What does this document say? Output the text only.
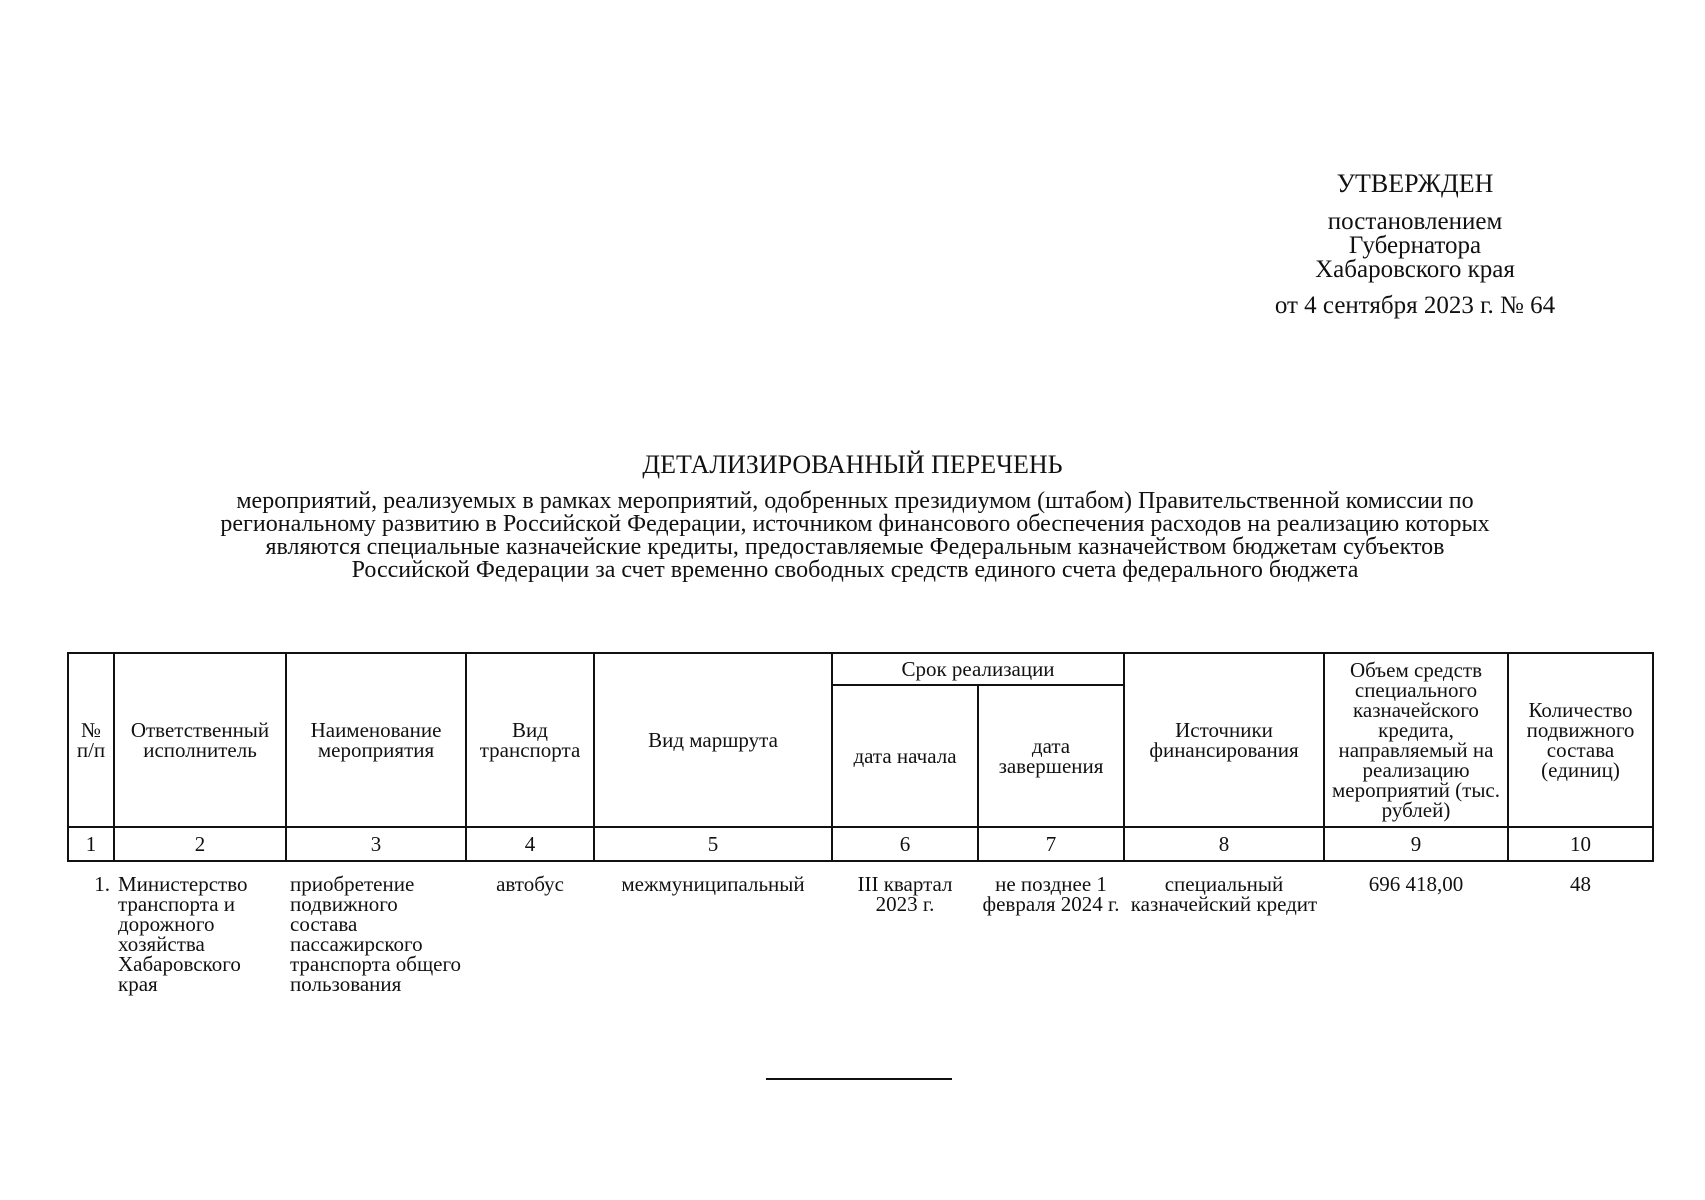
УТВЕРЖДЕН
постановлением
Губернатора
Хабаровского края
от 4 сентября 2023 г. № 64
ДЕТАЛИЗИРОВАННЫЙ ПЕРЕЧЕНЬ
мероприятий, реализуемых в рамках мероприятий, одобренных президиумом (штабом) Правительственной комиссии по
региональному развитию в Российской Федерации, источником финансового обеспечения расходов на реализацию которых
являются специальные казначейские кредиты, предоставляемые Федеральным казначейством бюджетам субъектов
Российской Федерации за счет временно свободных средств единого счета федерального бюджета
№ п/п	Ответственный исполнитель	Наименование мероприятия	Вид транспорта	Вид маршрута	Срок реализации		Источники финансирования	Объем средств специального казначейского кредита, направляемый на реализацию мероприятий (тыс. рублей)	Количество подвижного состава (единиц)
					дата начала	дата завершения			
1	2	3	4	5	6	7	8	9	10
1.	Министерство транспорта и дорожного хозяйства Хабаровского края	приобретение подвижного состава пассажирского транспорта общего пользования	автобус	межмуниципальный	III квартал 2023 г.	не позднее 1 февраля 2024 г.	специальный казначейский кредит	696 418,00	48
